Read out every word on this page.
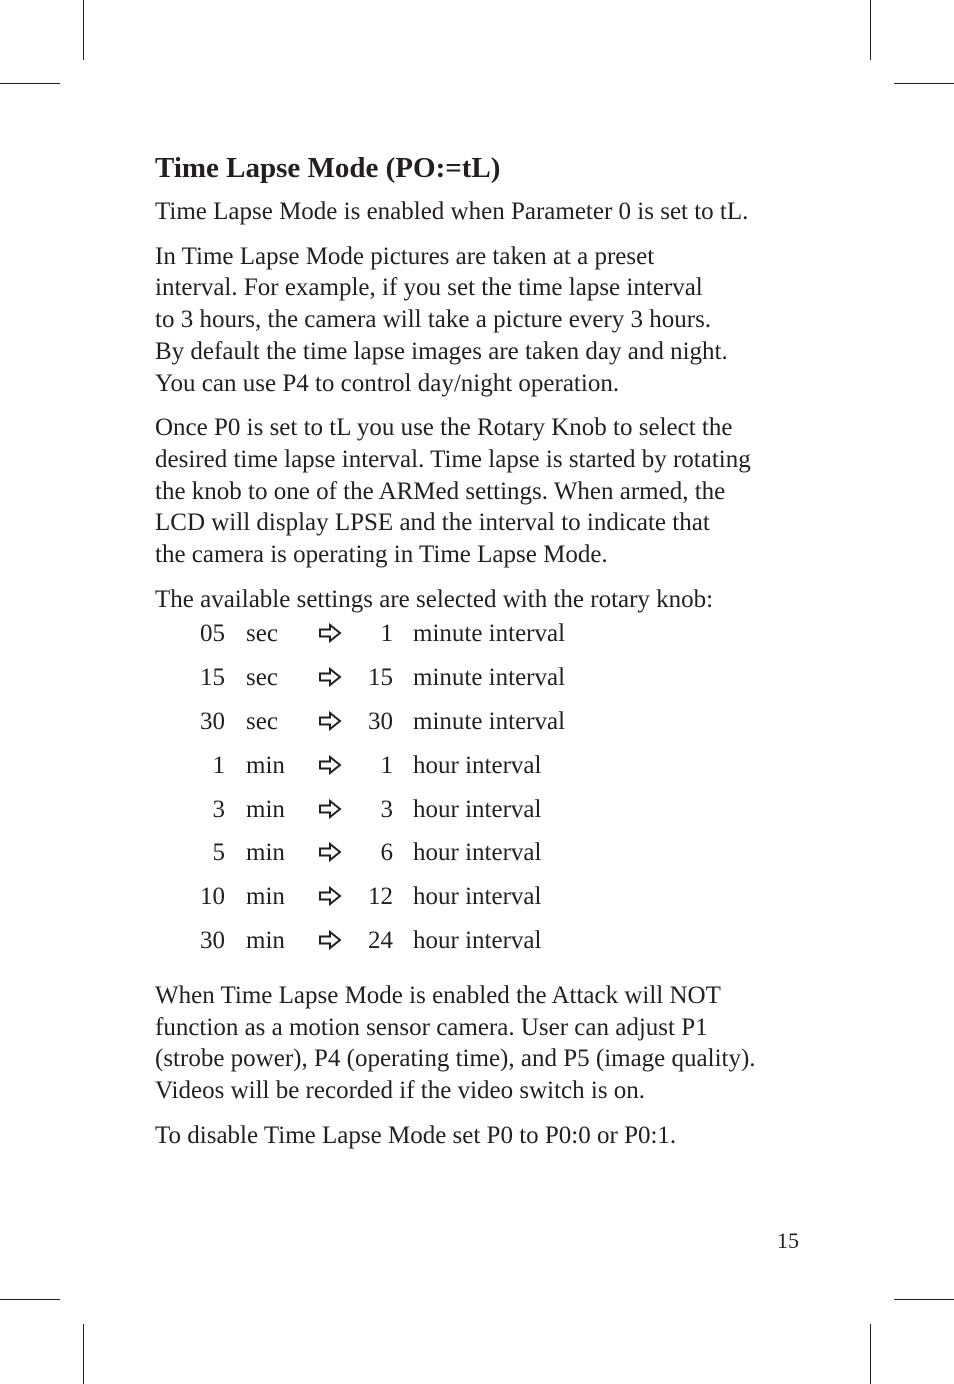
Time Lapse Mode (PO:=tL)

Time Lapse Mode is enabled when Parameter 0 is set to tL.

In Time Lapse Mode pictures are taken at a preset
interval. For example, if you set the time lapse interval
to 3 hours, the camera will take a picture every 3 hours.
By default the time lapse images are taken day and night.
You can use P4 to control day/night operation.

Once P0 is set to tL you use the Rotary Knob to select the
desired time lapse interval. Time lapse is started by rotating
the knob to one of the ARMed settings. When armed, the
LCD will display LPSE and the interval to indicate that
the camera is operating in Time Lapse Mode.

The available settings are selected with the rotary knob:

05 sec	1 minute interval
15 sec	15 minute interval
30 sec	30 minute interval
1 min	1 hour interval
3 min	3 hour interval
5 min	6 hour interval
10 min	12 hour interval
30 min	24 hour interval

When Time Lapse Mode is enabled the Attack will NOT
function as a motion sensor camera. User can adjust P1
(strobe power), P4 (operating time), and P5 (image quality).
Videos will be recorded if the video switch is on.

To disable Time Lapse Mode set P0 to P0:0 or P0:1.

15
